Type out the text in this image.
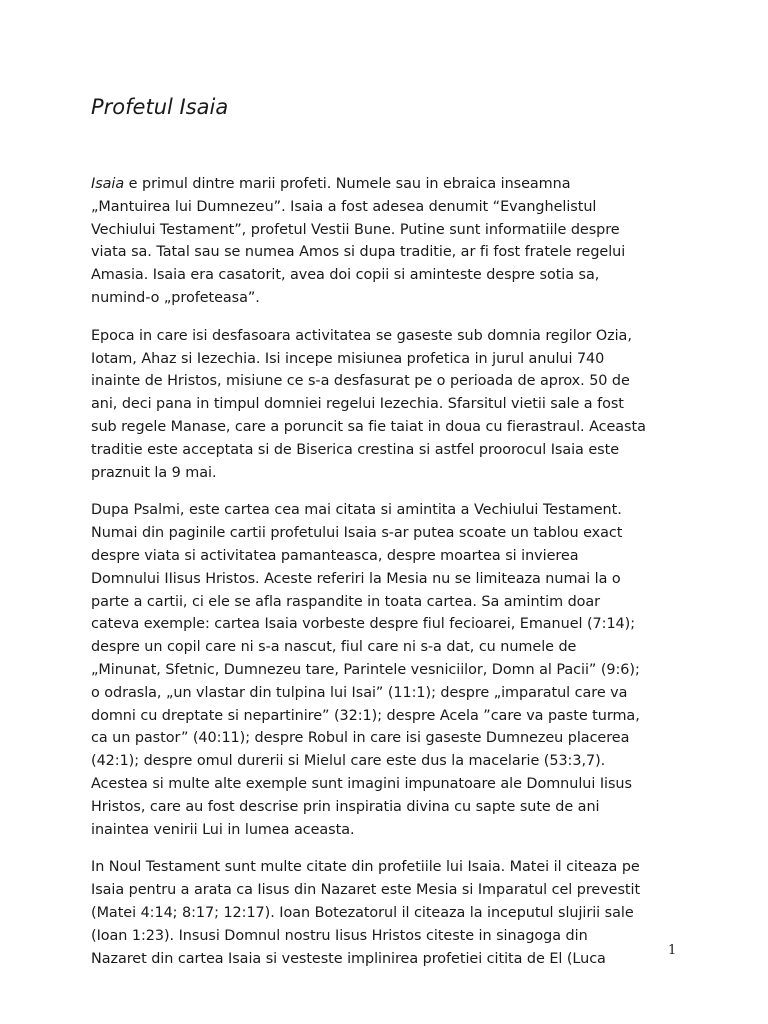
Profetul Isaia

Isaia e primul dintre marii profeti. Numele sau in ebraica inseamna
„Mantuirea lui Dumnezeu”. Isaia a fost adesea denumit “Evanghelistul
Vechiului Testament”, profetul Vestii Bune. Putine sunt informatiile despre
viata sa. Tatal sau se numea Amos si dupa traditie, ar fi fost fratele regelui
Amasia. Isaia era casatorit, avea doi copii si aminteste despre sotia sa,
numind-o „profeteasa”.

Epoca in care isi desfasoara activitatea se gaseste sub domnia regilor Ozia,
Iotam, Ahaz si Iezechia. Isi incepe misiunea profetica in jurul anului 740
inainte de Hristos, misiune ce s-a desfasurat pe o perioada de aprox. 50 de
ani, deci pana in timpul domniei regelui Iezechia. Sfarsitul vietii sale a fost
sub regele Manase, care a poruncit sa fie taiat in doua cu fierastraul. Aceasta
traditie este acceptata si de Biserica crestina si astfel proorocul Isaia este
praznuit la 9 mai.

Dupa Psalmi, este cartea cea mai citata si amintita a Vechiului Testament.
Numai din paginile cartii profetului Isaia s-ar putea scoate un tablou exact
despre viata si activitatea pamanteasca, despre moartea si invierea
Domnului IIisus Hristos. Aceste referiri la Mesia nu se limiteaza numai la o
parte a cartii, ci ele se afla raspandite in toata cartea. Sa amintim doar
cateva exemple: cartea Isaia vorbeste despre fiul fecioarei, Emanuel (7:14);
despre un copil care ni s-a nascut, fiul care ni s-a dat, cu numele de
„Minunat, Sfetnic, Dumnezeu tare, Parintele vesniciilor, Domn al Pacii” (9:6);
o odrasla, „un vlastar din tulpina lui Isai” (11:1); despre „imparatul care va
domni cu dreptate si nepartinire” (32:1); despre Acela ”care va paste turma,
ca un pastor” (40:11); despre Robul in care isi gaseste Dumnezeu placerea
(42:1); despre omul durerii si Mielul care este dus la macelarie (53:3,7).
Acestea si multe alte exemple sunt imagini impunatoare ale Domnului Iisus
Hristos, care au fost descrise prin inspiratia divina cu sapte sute de ani
inaintea venirii Lui in lumea aceasta.

In Noul Testament sunt multe citate din profetiile lui Isaia. Matei il citeaza pe
Isaia pentru a arata ca Iisus din Nazaret este Mesia si Imparatul cel prevestit
(Matei 4:14; 8:17; 12:17). Ioan Botezatorul il citeaza la inceputul slujirii sale
(Ioan 1:23). Insusi Domnul nostru Iisus Hristos citeste in sinagoga din
Nazaret din cartea Isaia si vesteste implinirea profetiei citita de El (Luca	1
